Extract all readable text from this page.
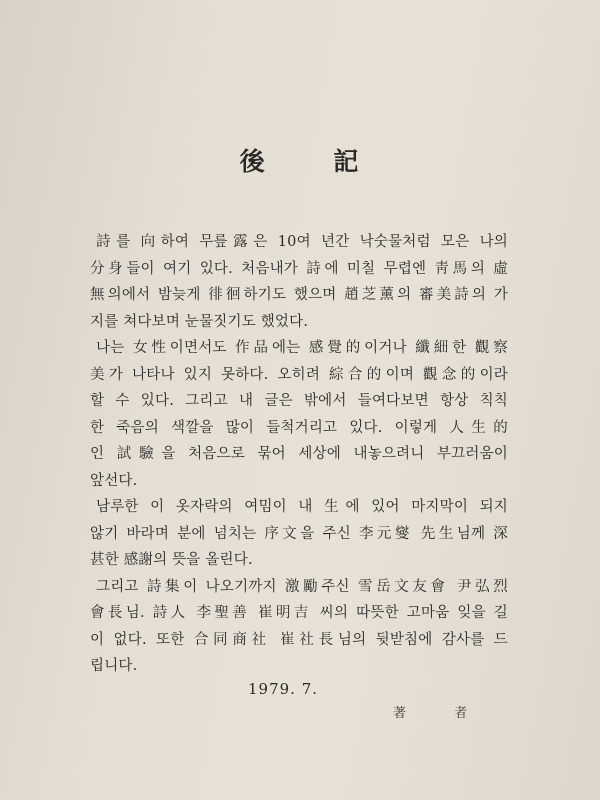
後 記
詩를 向하여 무릎露은 10여 년간 낙숫물처럼 모은 나의
分身들이 여기 있다. 처음내가 詩에 미칠 무렵엔 靑馬의 虛
無의에서 밤늦게 徘徊하기도 했으며 趙芝薰의 審美詩의 가
지를 쳐다보며 눈물짓기도 했었다.
나는 女性이면서도 作品에는 感覺的이거나 纖細한 觀察
美가 나타나 있지 못하다. 오히려 綜合的이며 觀念的이라
할 수 있다. 그리고 내 글은 밖에서 들여다보면 항상 칙칙
한 죽음의 색깔을 많이 들척거리고 있다. 이렇게 人生的
인 試驗을 처음으로 묶어 세상에 내놓으려니 부끄러움이
앞선다.
남루한 이 옷자락의 여밈이 내 生에 있어 마지막이 되지
않기 바라며 분에 넘치는 序文을 주신 李元燮 先生님께 深
甚한 感謝의 뜻을 올린다.
그리고 詩集이 나오기까지 激勵주신 雪岳文友會 尹弘烈
會長님. 詩人 李聖善 崔明吉 씨의 따뜻한 고마움 잊을 길
이 없다. 또한 合同商社 崔社長님의 뒷받침에 감사를 드
립니다.
1979. 7.
著 者
